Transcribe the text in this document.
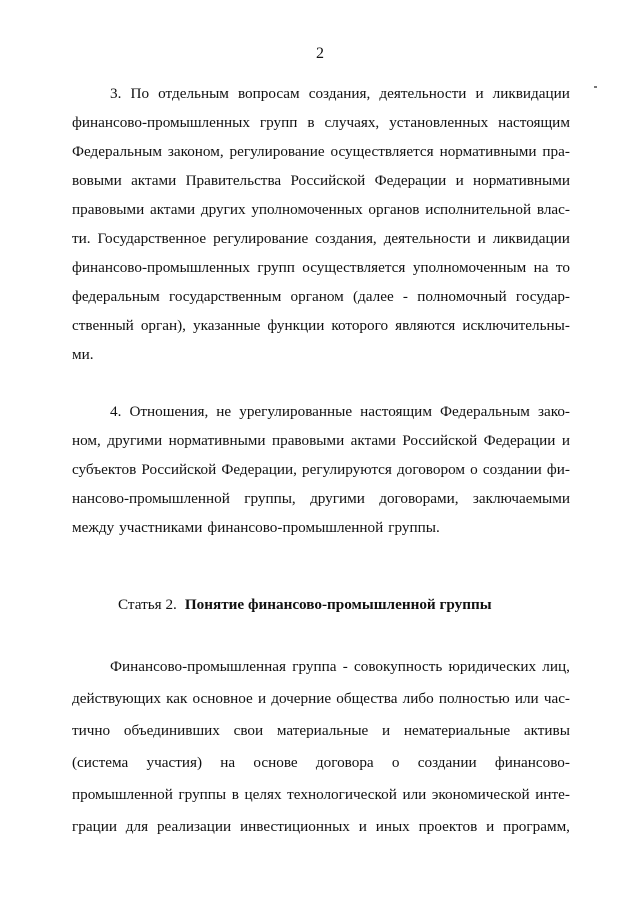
2
3. По отдельным вопросам создания, деятельности и ликвидации
финансово-промышленных групп в случаях, установленных настоящим
Федеральным законом, регулирование осуществляется нормативными пра-
вовыми актами Правительства Российской Федерации и нормативными
правовыми актами других уполномоченных органов исполнительной влас-
ти. Государственное регулирование создания, деятельности и ликвидации
финансово-промышленных групп осуществляется уполномоченным на то
федеральным государственным органом (далее - полномочный государ-
ственный орган), указанные функции которого являются исключительны-
ми.
4. Отношения, не урегулированные настоящим Федеральным зако-
ном, другими нормативными правовыми актами Российской Федерации и
субъектов Российской Федерации, регулируются договором о создании фи-
нансово-промышленной группы, другими договорами, заключаемыми
между участниками финансово-промышленной группы.
Статья 2. Понятие финансово-промышленной группы
Финансово-промышленная группа - совокупность юридических лиц,
действующих как основное и дочерние общества либо полностью или час-
тично объединивших свои материальные и нематериальные активы
(система участия) на основе договора о создании финансово-
промышленной группы в целях технологической или экономической инте-
грации для реализации инвестиционных и иных проектов и программ,
